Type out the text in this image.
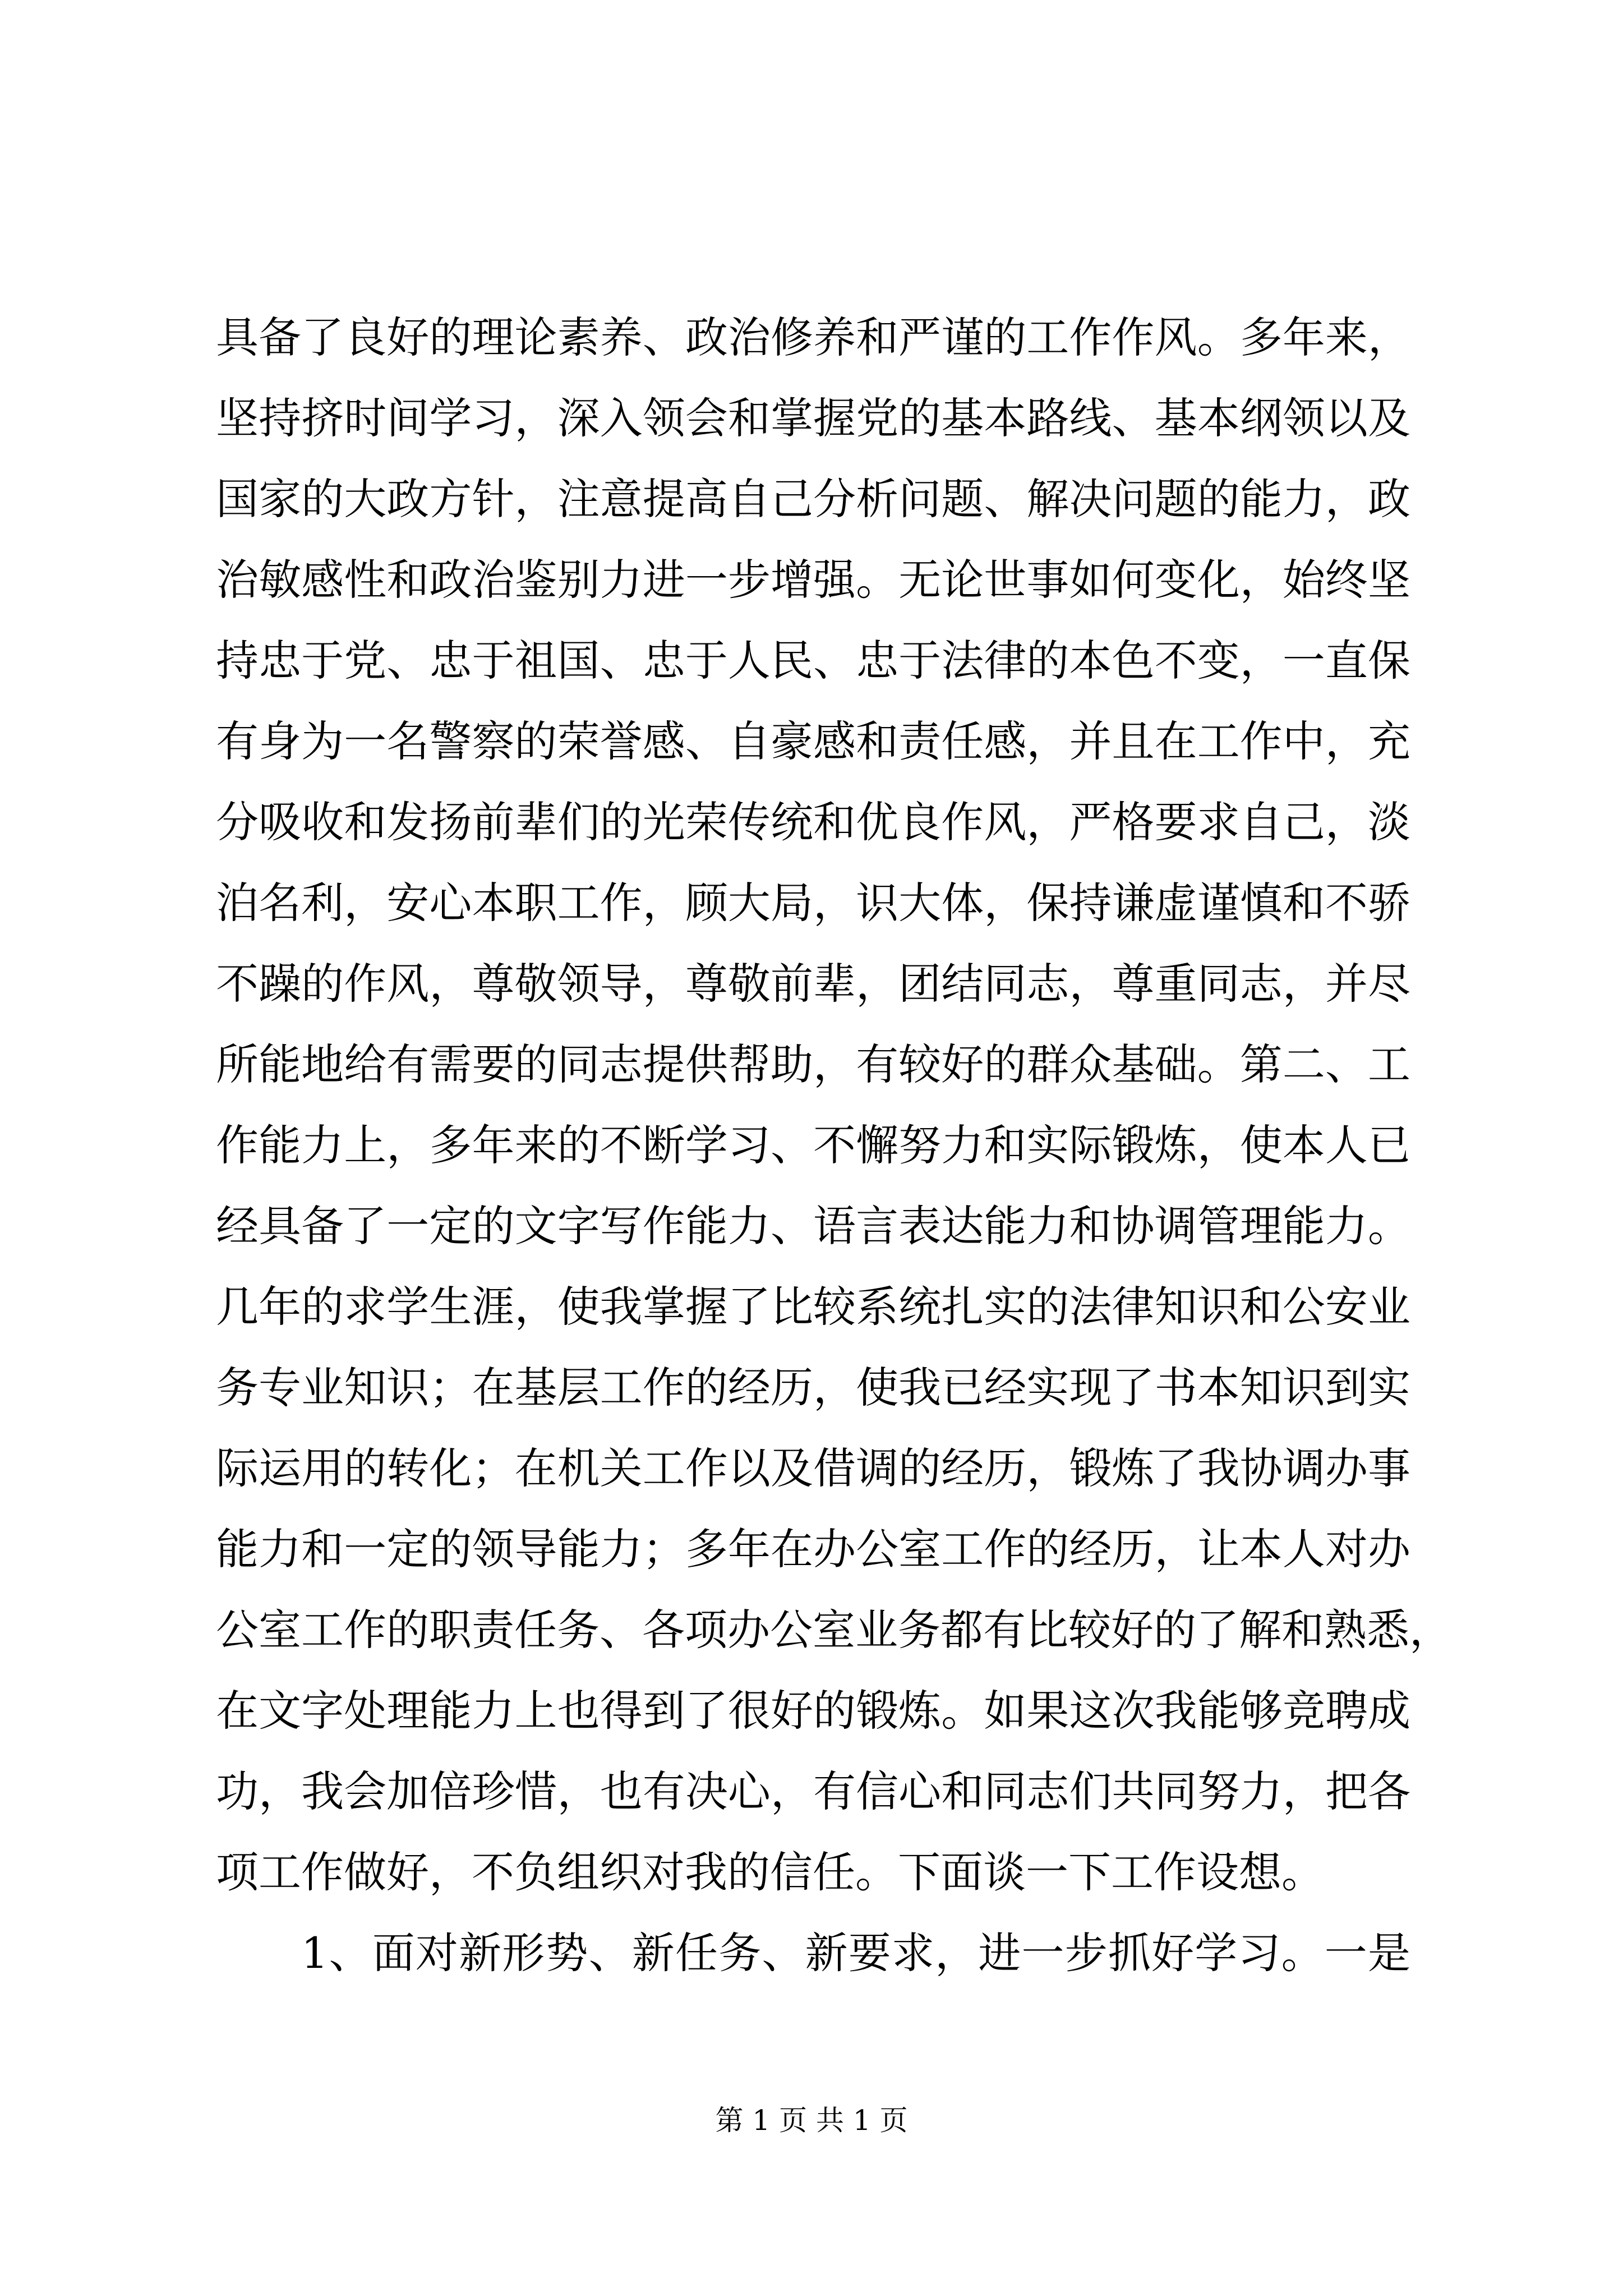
具备了良好的理论素养、政治修养和严谨的工作作风。多年来，
坚持挤时间学习，深入领会和掌握党的基本路线、基本纲领以及
国家的大政方针，注意提高自己分析问题、解决问题的能力，政
治敏感性和政治鉴别力进一步增强。无论世事如何变化，始终坚
持忠于党、忠于祖国、忠于人民、忠于法律的本色不变，一直保
有身为一名警察的荣誉感、自豪感和责任感，并且在工作中，充
分吸收和发扬前辈们的光荣传统和优良作风，严格要求自己，淡
泊名利，安心本职工作，顾大局，识大体，保持谦虚谨慎和不骄
不躁的作风，尊敬领导，尊敬前辈，团结同志，尊重同志，并尽
所能地给有需要的同志提供帮助，有较好的群众基础。第二、工
作能力上，多年来的不断学习、不懈努力和实际锻炼，使本人已
经具备了一定的文字写作能力、语言表达能力和协调管理能力。
几年的求学生涯，使我掌握了比较系统扎实的法律知识和公安业
务专业知识；在基层工作的经历，使我已经实现了书本知识到实
际运用的转化；在机关工作以及借调的经历，锻炼了我协调办事
能力和一定的领导能力；多年在办公室工作的经历，让本人对办
公室工作的职责任务、各项办公室业务都有比较好的了解和熟悉，
在文字处理能力上也得到了很好的锻炼。如果这次我能够竞聘成
功，我会加倍珍惜，也有决心，有信心和同志们共同努力，把各
项工作做好，不负组织对我的信任。下面谈一下工作设想。
1、面对新形势、新任务、新要求，进一步抓好学习。一是
第 1 页 共 1 页
